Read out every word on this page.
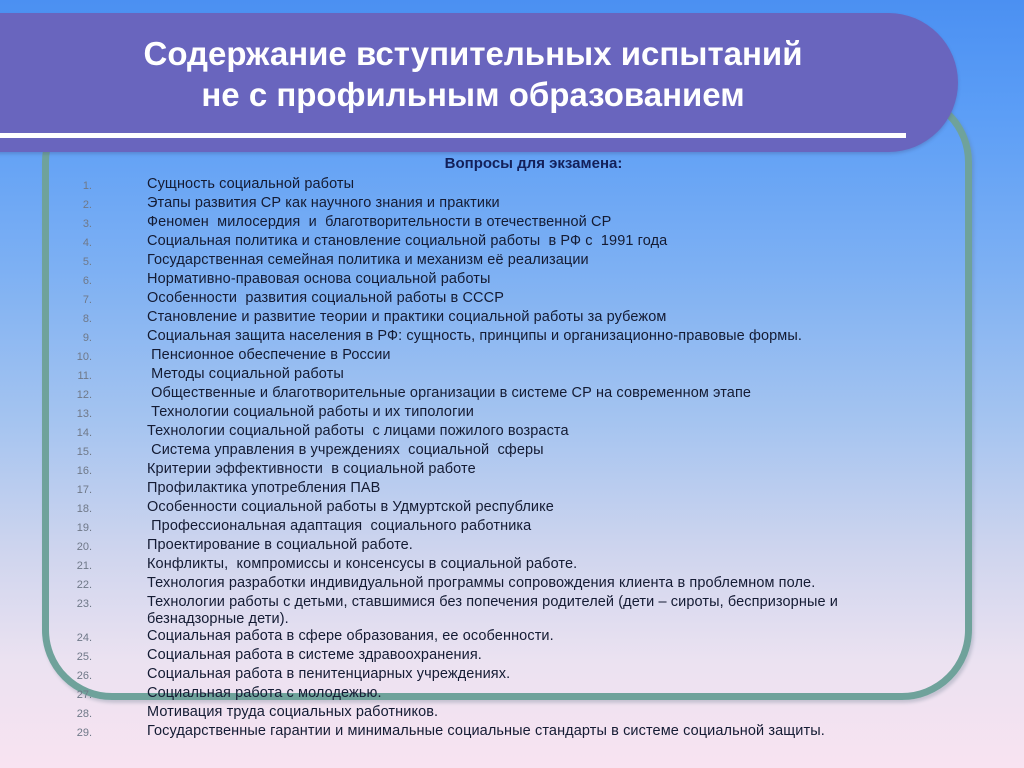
Содержание вступительных испытаний
не с профильным образованием
Вопросы для экзамена:
1.	Сущность социальной работы
2.	Этапы развития СР как научного знания и практики
3.	Феномен  милосердия  и  благотворительности в отечественной СР
4.	Социальная политика и становление социальной работы  в РФ с  1991 года
5.	Государственная семейная политика и механизм её реализации
6.	Нормативно-правовая основа социальной работы
7.	Особенности  развития социальной работы в СССР
8.	Становление и развитие теории и практики социальной работы за рубежом
9.	Социальная защита населения в РФ: сущность, принципы и организационно-правовые формы.
10.	Пенсионное обеспечение в России
11.	Методы социальной работы
12.	Общественные и благотворительные организации в системе СР на современном этапе
13.	Технологии социальной работы и их типологии
14.	Технологии социальной работы  с лицами пожилого возраста
15.	Система управления в учреждениях  социальной  сферы
16.	Критерии эффективности  в социальной работе
17.	Профилактика употребления ПАВ
18.	Особенности социальной работы в Удмуртской республике
19.	Профессиональная адаптация  социального работника
20.	Проектирование в социальной работе.
21.	Конфликты,  компромиссы и консенсусы в социальной работе.
22.	Технология разработки индивидуальной программы сопровождения клиента в проблемном поле.
23.	Технологии работы с детьми, ставшимися без попечения родителей (дети – сироты, беспризорные и безнадзорные дети).
24.	Социальная работа в сфере образования, ее особенности.
25.	Социальная работа в системе здравоохранения.
26.	Социальная работа в пенитенциарных учреждениях.
27.	Социальная работа с молодежью.
28.	Мотивация труда социальных работников.
29.	Государственные гарантии и минимальные социальные стандарты в системе социальной защиты.
